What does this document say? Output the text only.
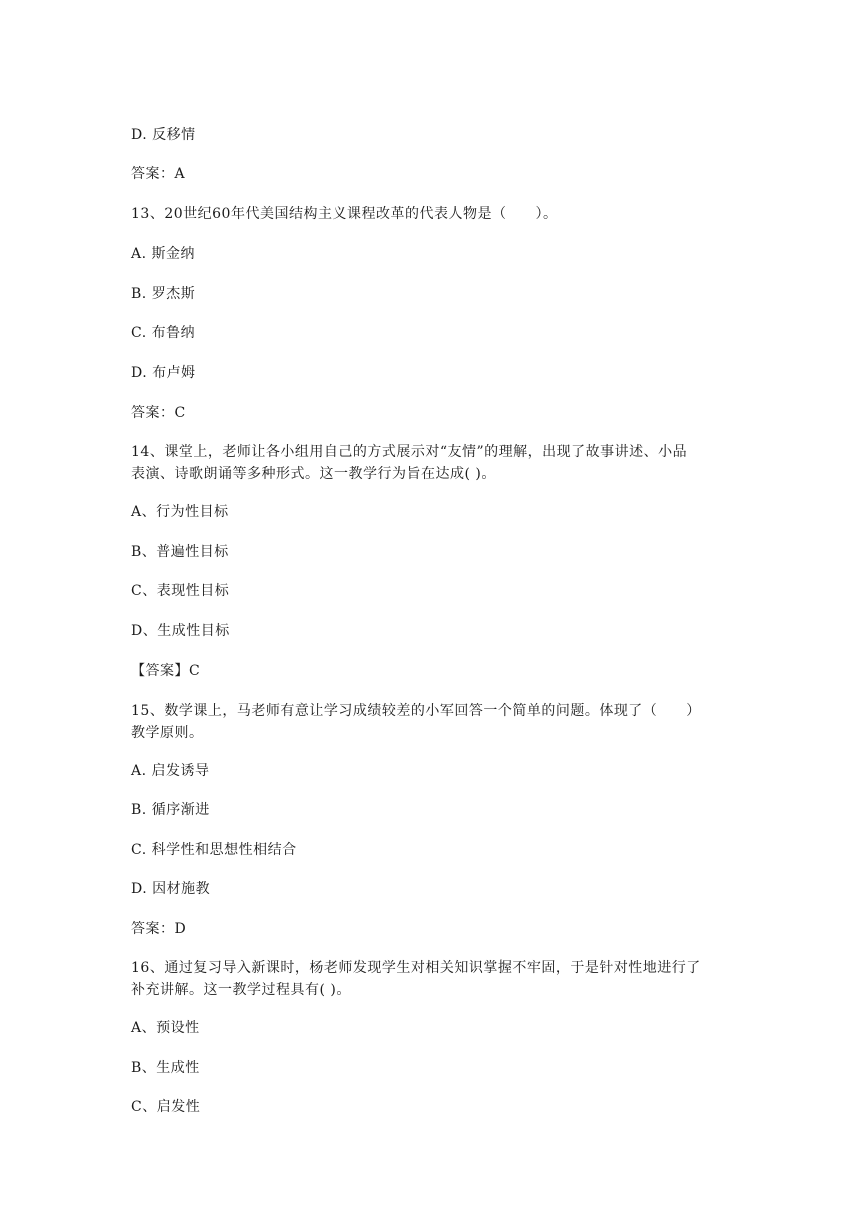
D. 反移情
答案：A
13、20世纪60年代美国结构主义课程改革的代表人物是（　　）。
A. 斯金纳
B. 罗杰斯
C. 布鲁纳
D. 布卢姆
答案：C
14、课堂上，老师让各小组用自己的方式展示对“友情”的理解，出现了故事讲述、小品
表演、诗歌朗诵等多种形式。这一教学行为旨在达成( )。
A、行为性目标
B、普遍性目标
C、表现性目标
D、生成性目标
【答案】C
15、数学课上，马老师有意让学习成绩较差的小军回答一个简单的问题。体现了（　　）
教学原则。
A. 启发诱导
B. 循序渐进
C. 科学性和思想性相结合
D. 因材施教
答案：D
16、通过复习导入新课时，杨老师发现学生对相关知识掌握不牢固，于是针对性地进行了
补充讲解。这一教学过程具有( )。
A、预设性
B、生成性
C、启发性
